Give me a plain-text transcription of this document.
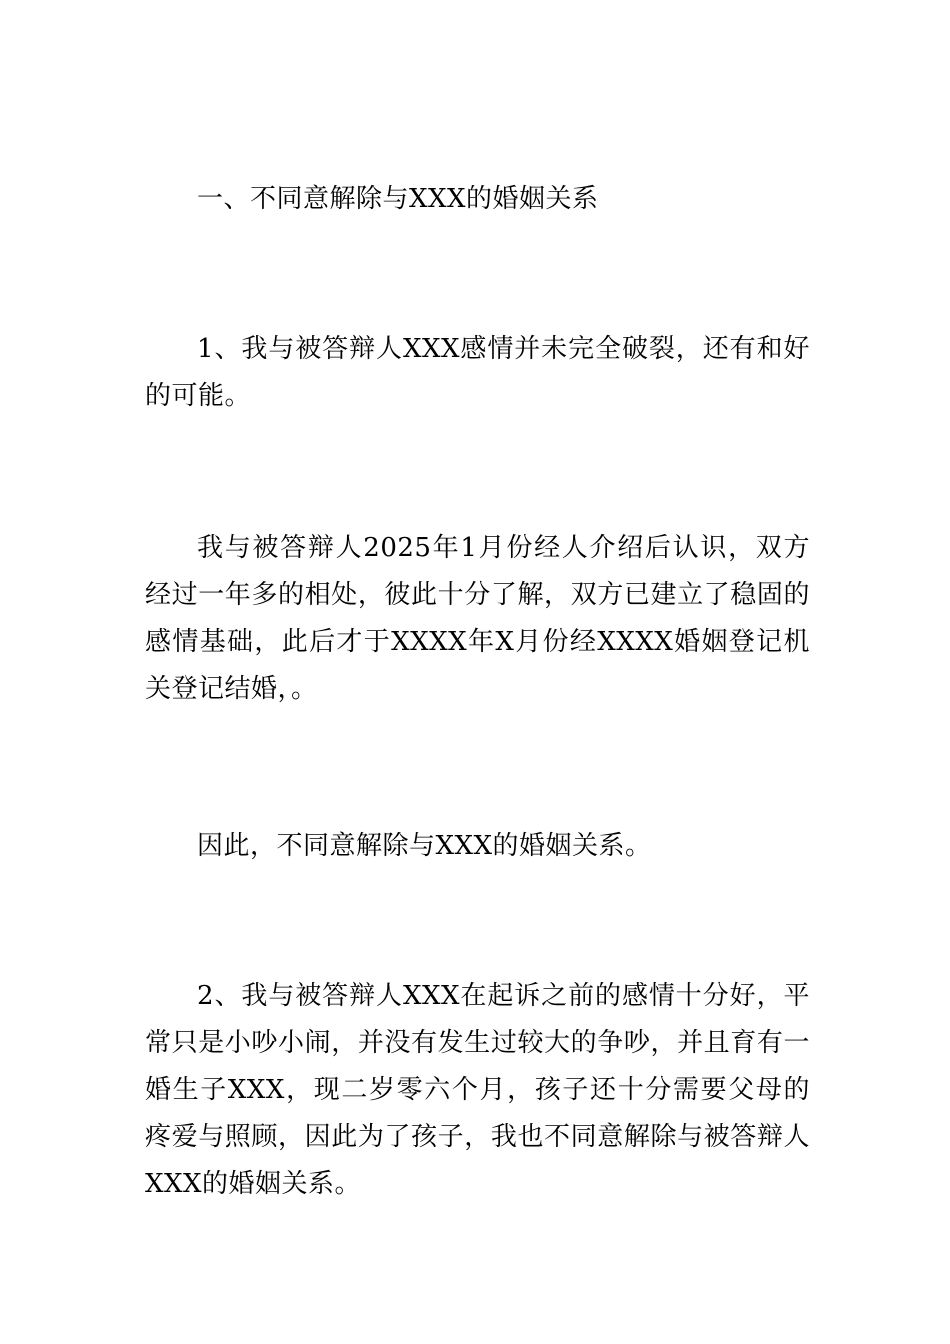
一、不同意解除与XXX的婚姻关系

1、我与被答辩人XXX感情并未完全破裂，还有和好的可能。

我与被答辩人2025年1月份经人介绍后认识，双方经过一年多的相处，彼此十分了解，双方已建立了稳固的感情基础，此后才于XXXX年X月份经XXXX婚姻登记机关登记结婚，。

因此，不同意解除与XXX的婚姻关系。

2、我与被答辩人XXX在起诉之前的感情十分好，平常只是小吵小闹，并没有发生过较大的争吵，并且育有一婚生子XXX，现二岁零六个月，孩子还十分需要父母的疼爱与照顾，因此为了孩子，我也不同意解除与被答辩人XXX的婚姻关系。
